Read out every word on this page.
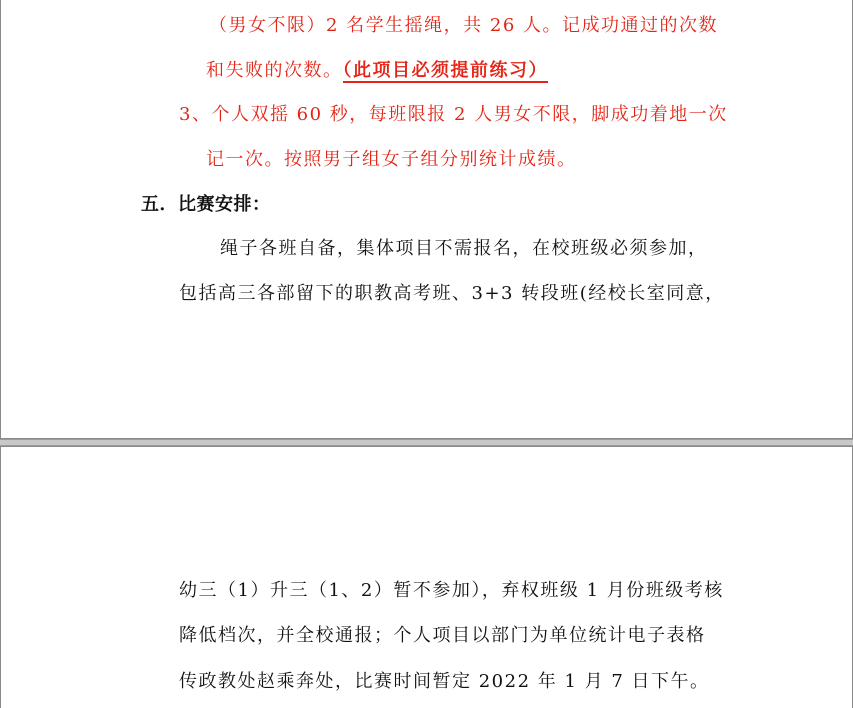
（男女不限）2 名学生摇绳，共 26 人。记成功通过的次数
和失败的次数。（此项目必须提前练习）
3、个人双摇 60 秒，每班限报 2 人男女不限，脚成功着地一次
记一次。按照男子组女子组分别统计成绩。
五．比赛安排：
绳子各班自备，集体项目不需报名，在校班级必须参加，
包括高三各部留下的职教高考班、3+3 转段班(经校长室同意，
幼三（1）升三（1、2）暂不参加），弃权班级 1 月份班级考核
降低档次，并全校通报；个人项目以部门为单位统计电子表格
传政教处赵乘奔处，比赛时间暂定 2022 年 1 月 7 日下午。
